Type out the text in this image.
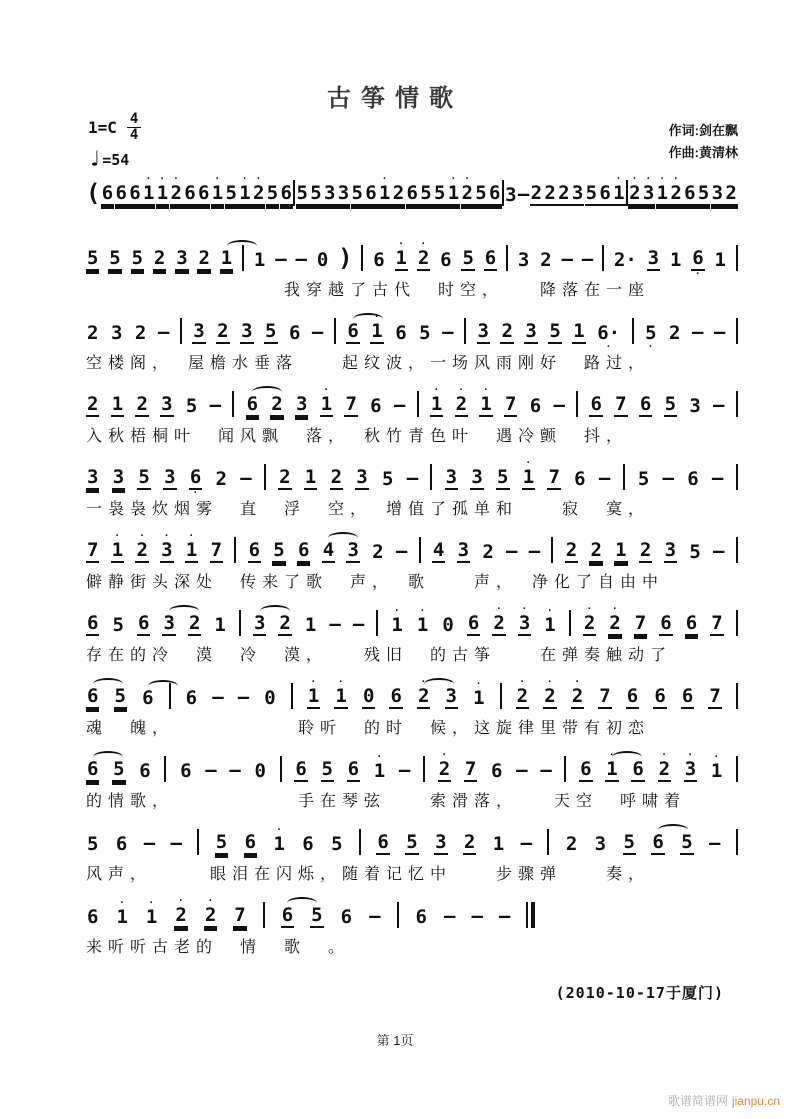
古筝情歌
作词:剑在飘
作曲:黄清林
$1=C \frac{4}{4}$
♩ =54
(
6

6

6

·
1

·
1

·
2

6

6

·
1

5

·
1

·
2

5

6

5

5

3

3

5

6

·
1

2

6

5

5

·
1

·
2

5

6

3
–
2

2

2

3

5

6

·
1

·
2

·
3

·
1

·
2

6

5

3

2

5

5

5

2

3

2

1

1
– –
0
)
6

·
1

·
2

6

5

6

3

2
– –
2·

3

1

6
·

1

　　　　　　　　　我穿越了古代　时空，　　降落在一座

2

3

2
–
3

2

3

5

6
–
6

·
1

6

5
–
3

2

3

5

1

6·
·

5
·

2
– –
空楼阁，　屋檐水垂落　　起纹波，一场风雨刚好　路过，

2

1

2

3

5
–
6

2

3

·
1

7

6
–
·
1

·
2

·
1

7

6
–
6

7

6

5

3
–
入秋梧桐叶　闻风飘　落，　秋竹青色叶　遇冷颤　抖，

3

3

5

3

6
·

2
–
2

1

2

3

5
–
3

3

5

·
1

7

6
–
5
–
6
–
一袅袅炊烟雾　直　浮　空，　增值了孤单和　　寂　寞，

7

·
1

·
2

·
3

·
1

7

6

5

6

4

3

2
–
4

3

2
– –
2

2

1

2

3

5
–
僻静街头深处　传来了歌　声，　歌　　声，　净化了自由中

6

5

6

3

2

1

3

2

1
– –
·
1

·
1

0

6

·
2

·
3

·
1

·
2

·
2

7

6

6

7

存在的冷　漠　冷　漠，　　残旧　的古筝　　在弹奏触动了

6

5

6

6
– –
0

·
1

·
1

0

6

·
2

·
3

·
1

·
2

·
2

·
2

7

6

6

6

7

魂　魄，　　　　　　聆听　的时　候，这旋律里带有初恋

6

5

6

6
– –
0

6

5

6

·
1
–
·
2

7

6
– –
6

·
1

6

·
2

·
3

·
1

的情歌，　　　　　　手在琴弦　　索滑落，　　天空　呼啸着

5

6
– –
5

6

·
1

6

5

6

5

3

2

1
–
2

3

5

6

5
–
风声，　　　眼泪在闪烁，随着记忆中　　步骤弹　　奏，

6

·
1

·
1

·
2

·
2

7

6

5

6
–
6
– – –
来听听古老的　情　歌　。
(2010-10-17于厦门)
第 1页
歌谱简谱网 jianpu.cn
